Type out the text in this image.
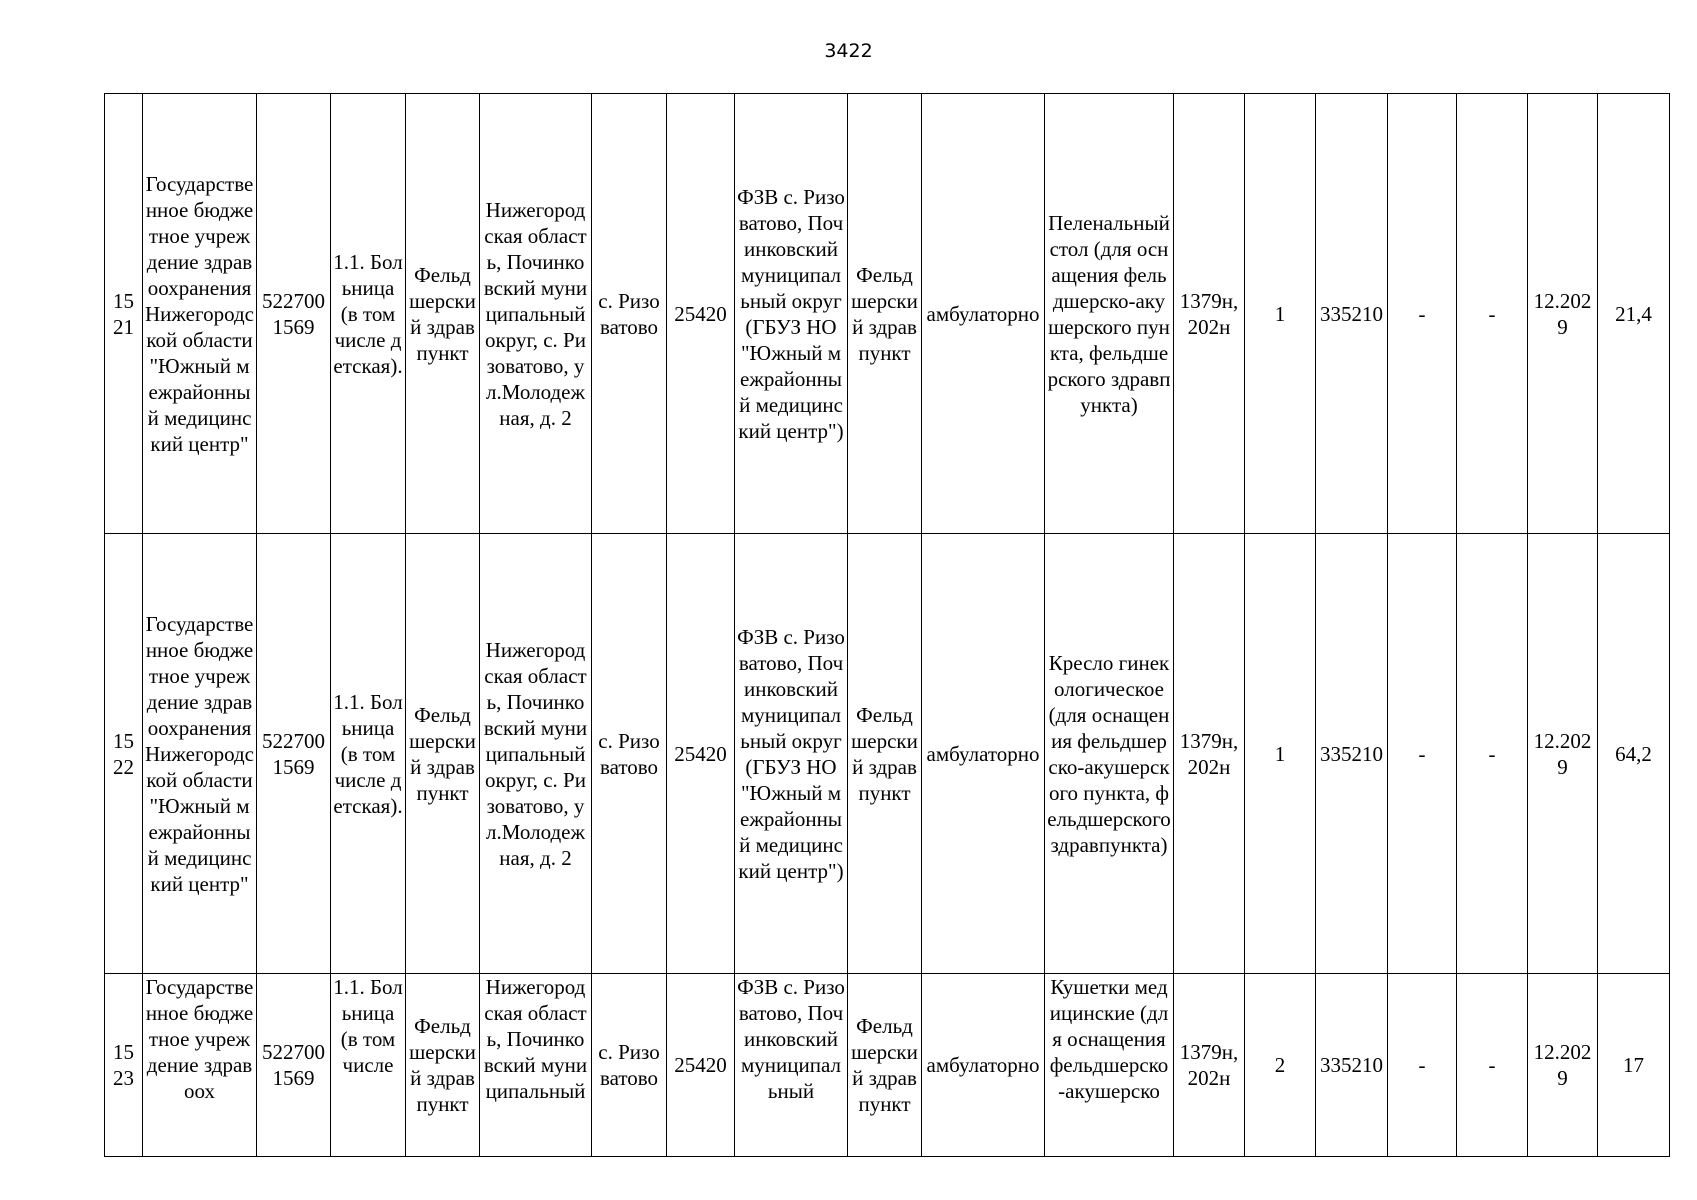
3422
1521	Государственное бюджетное учреждение здравоохранения Нижегородской области "Южный межрайонный медицинский центр"	5227001569	1.1. Больница (в том числе детская).	Фельдшерский здравпункт	Нижегородская область, Починковский муниципальный округ, с. Ризоватово, ул.Молодежная, д. 2	с. Ризоватово	25420	ФЗВ с. Ризоватово, Починковский муниципальный округ (ГБУЗ НО "Южный межрайонный медицинский центр")	Фельдшерский здравпункт	амбулаторно	Пеленальный стол (для оснащения фельдшерско-акушерского пункта, фельдшерского здравпункта)	1379н, 202н	1	335210	-	-	12.2029	21,4
1522	Государственное бюджетное учреждение здравоохранения Нижегородской области "Южный межрайонный медицинский центр"	5227001569	1.1. Больница (в том числе детская).	Фельдшерский здравпункт	Нижегородская область, Починковский муниципальный округ, с. Ризоватово, ул.Молодежная, д. 2	с. Ризоватово	25420	ФЗВ с. Ризоватово, Починковский муниципальный округ (ГБУЗ НО "Южный межрайонный медицинский центр")	Фельдшерский здравпункт	амбулаторно	Кресло гинекологическое (для оснащения фельдшерско-акушерского пункта, фельдшерского здравпункта)	1379н, 202н	1	335210	-	-	12.2029	64,2
1523	Государственное бюджетное учреждение здравоох	5227001569	1.1. Больница (в том числе	Фельдшерский здравпункт	Нижегородская область, Починковский муниципальный	с. Ризоватово	25420	ФЗВ с. Ризоватово, Починковский муниципальный	Фельдшерский здравпункт	амбулаторно	Кушетки медицинские (для оснащения фельдшерско-акушерско	1379н, 202н	2	335210	-	-	12.2029	17
